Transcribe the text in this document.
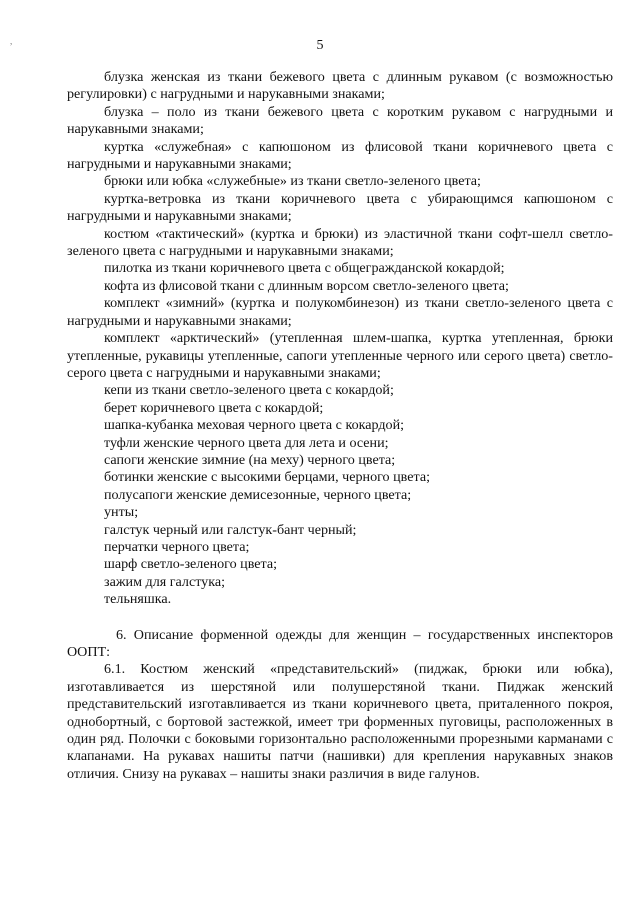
,	5

блузка женская из ткани бежевого цвета с длинным рукавом (с возможностью регулировки) с нагрудными и нарукавными знаками;

блузка – поло из ткани бежевого цвета с коротким рукавом с нагрудными и нарукавными знаками;

куртка «служебная» с капюшоном из флисовой ткани коричневого цвета с нагрудными и нарукавными знаками;

брюки или юбка «служебные» из ткани светло-зеленого цвета;

куртка-ветровка из ткани коричневого цвета с убирающимся капюшоном с нагрудными и нарукавными знаками;

костюм «тактический» (куртка и брюки) из эластичной ткани софт-шелл светло-зеленого цвета с нагрудными и нарукавными знаками;

пилотка из ткани коричневого цвета с общегражданской кокардой;

кофта из флисовой ткани с длинным ворсом светло-зеленого цвета;

комплект «зимний» (куртка и полукомбинезон) из ткани светло-зеленого цвета с нагрудными и нарукавными знаками;

комплект «арктический» (утепленная шлем-шапка, куртка утепленная, брюки утепленные, рукавицы утепленные, сапоги утепленные черного или серого цвета) светло-серого цвета с нагрудными и нарукавными знаками;

кепи из ткани светло-зеленого цвета с кокардой;

берет коричневого цвета с кокардой;

шапка-кубанка меховая черного цвета с кокардой;

туфли женские черного цвета для лета и осени;

сапоги женские зимние (на меху) черного цвета;

ботинки женские с высокими берцами, черного цвета;

полусапоги женские демисезонные, черного цвета;

унты;

галстук черный или галстук-бант черный;

перчатки черного цвета;

шарф светло-зеленого цвета;

зажим для галстука;

тельняшка.

6. Описание форменной одежды для женщин – государственных инспекторов ООПТ:

6.1. Костюм женский «представительский» (пиджак, брюки или юбка), изготавливается из шерстяной или полушерстяной ткани. Пиджак женский представительский изготавливается из ткани коричневого цвета, приталенного покроя, однобортный, с бортовой застежкой, имеет три форменных пуговицы, расположенных в один ряд. Полочки с боковыми горизонтально расположенными прорезными карманами с клапанами. На рукавах нашиты патчи (нашивки) для крепления нарукавных знаков отличия. Снизу на рукавах – нашиты знаки различия в виде галунов.
